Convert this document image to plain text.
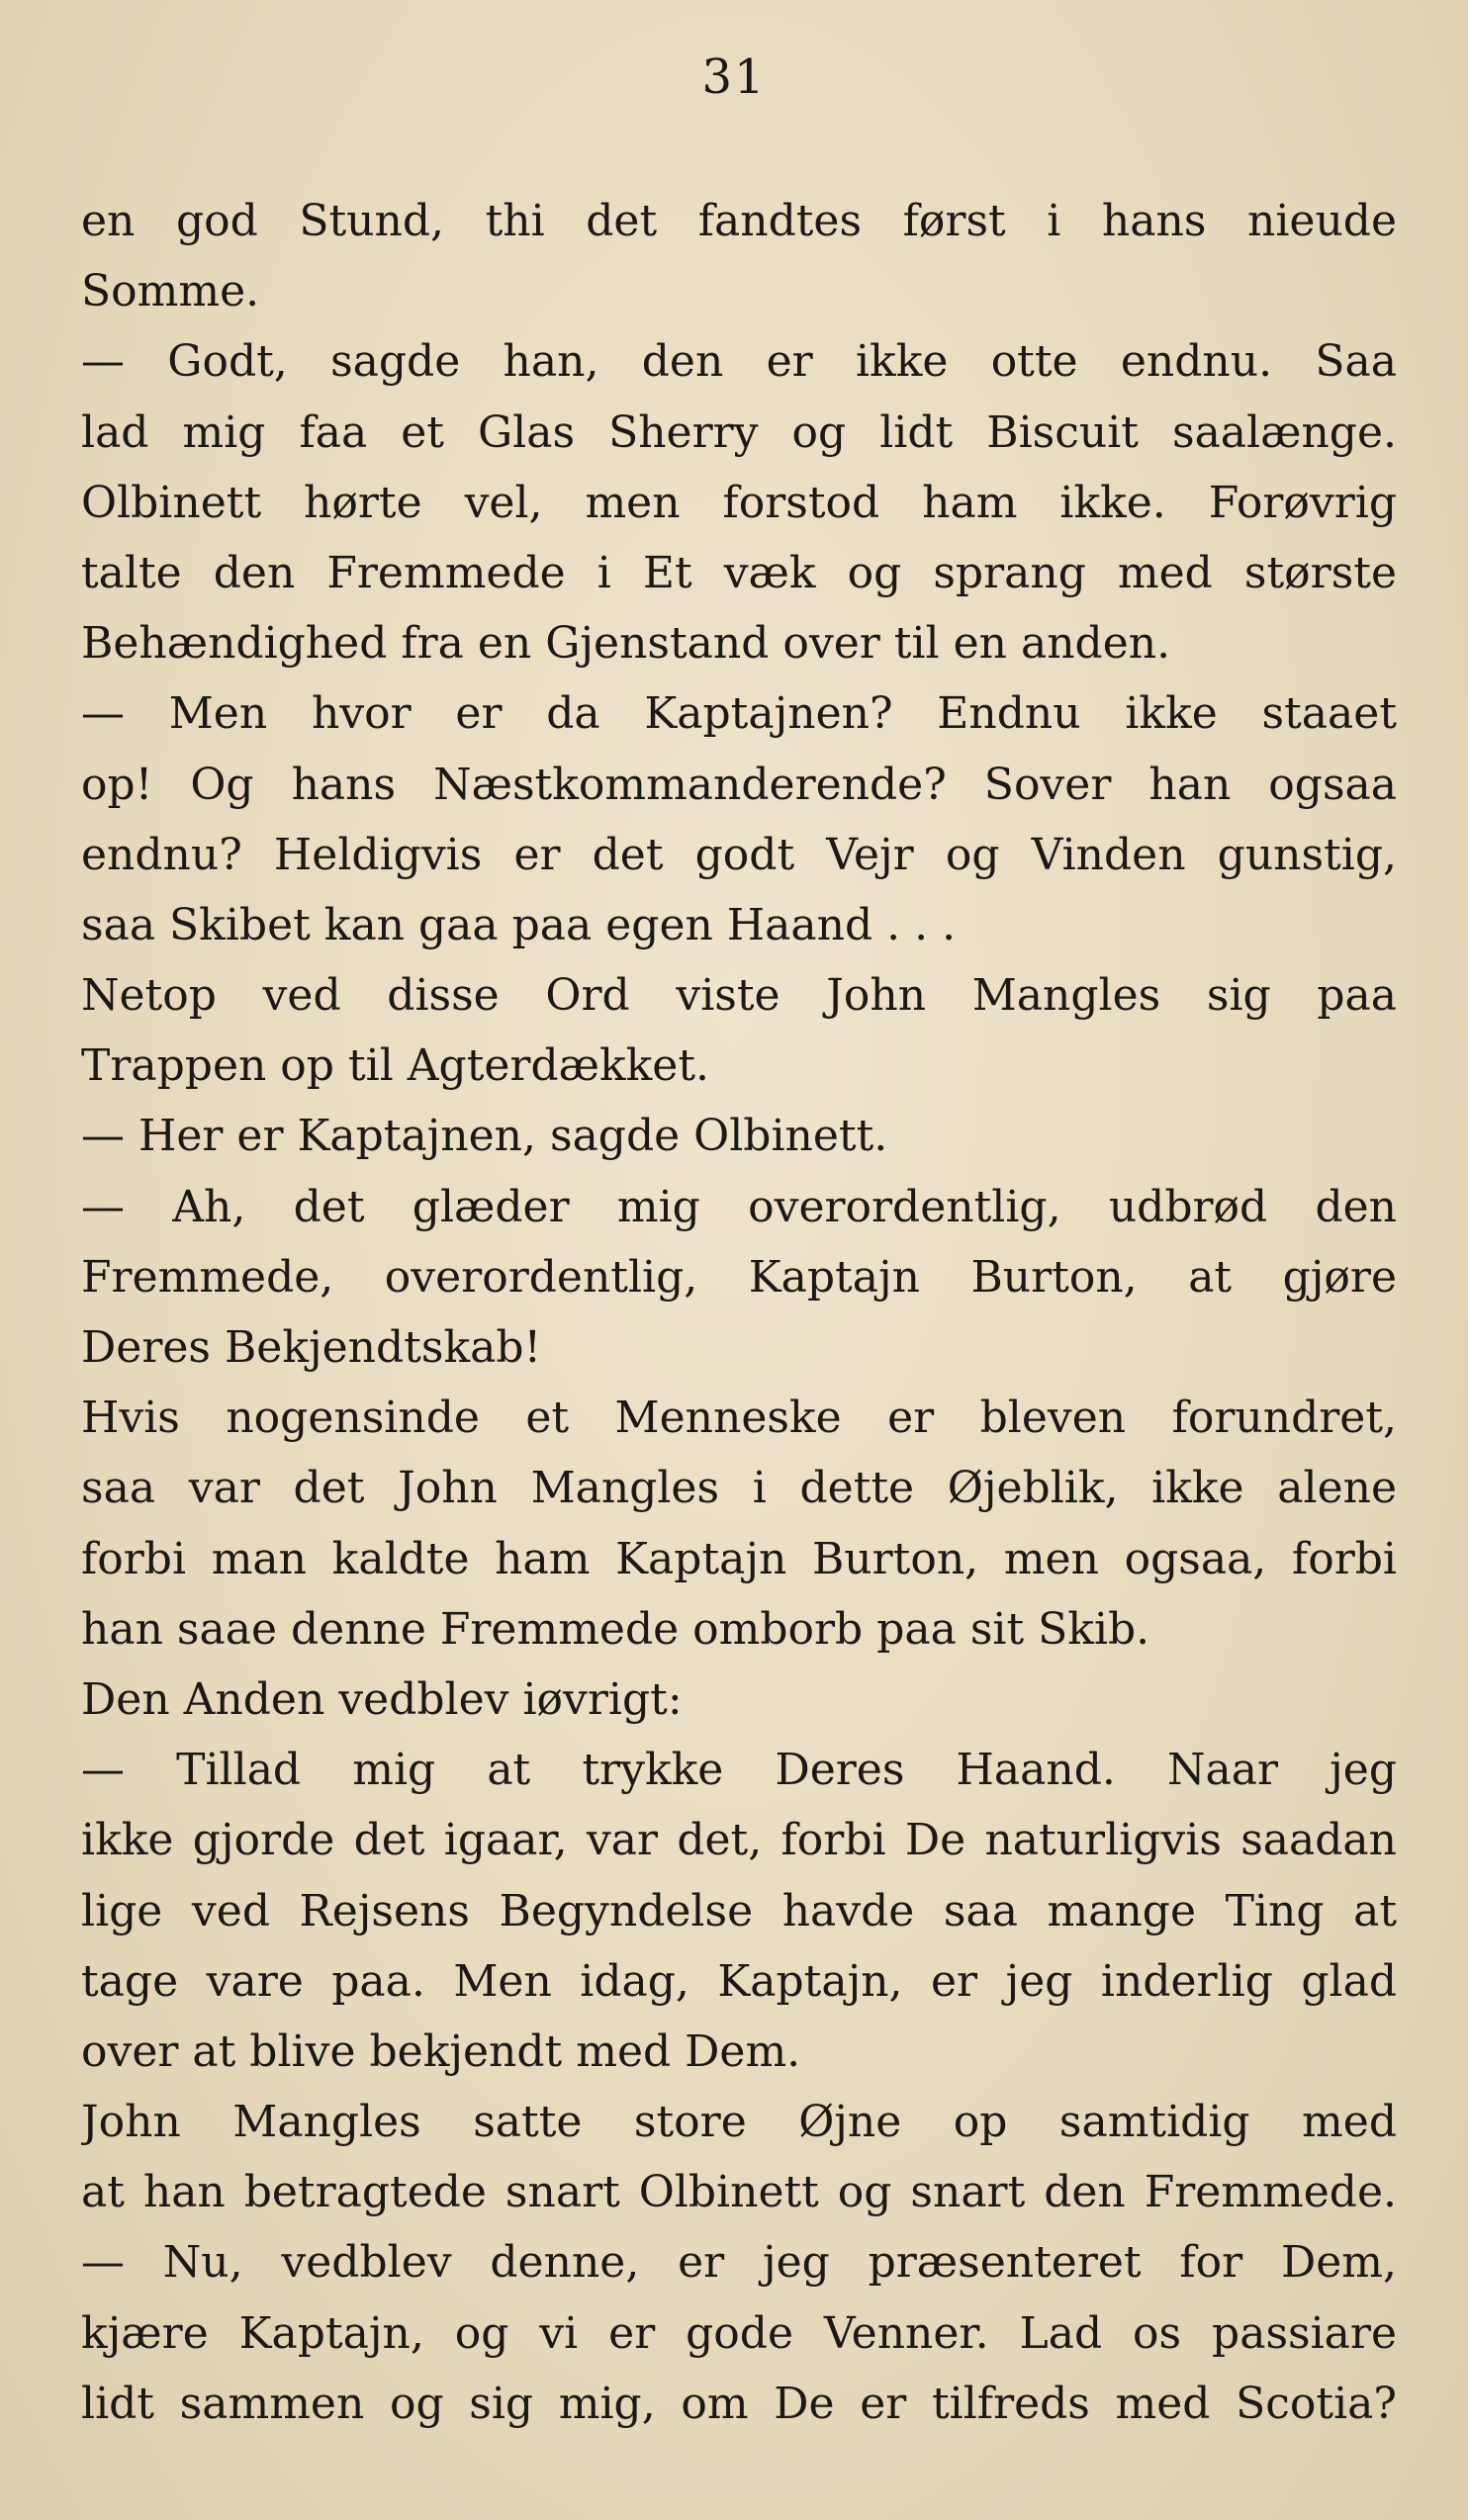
31
en god Stund, thi det fandtes først i hans nieude
Somme.
— Godt, sagde han, den er ikke otte endnu. Saa
lad mig faa et Glas Sherry og lidt Biscuit saalænge.
Olbinett hørte vel, men forstod ham ikke. Forøvrig
talte den Fremmede i Et væk og sprang med største
Behændighed fra en Gjenstand over til en anden.
— Men hvor er da Kaptajnen? Endnu ikke staaet
op! Og hans Næstkommanderende? Sover han ogsaa
endnu? Heldigvis er det godt Vejr og Vinden gunstig,
saa Skibet kan gaa paa egen Haand . . .
Netop ved disse Ord viste John Mangles sig paa
Trappen op til Agterdækket.
— Her er Kaptajnen, sagde Olbinett.
— Ah, det glæder mig overordentlig, udbrød den
Fremmede, overordentlig, Kaptajn Burton, at gjøre
Deres Bekjendtskab!
Hvis nogensinde et Menneske er bleven forundret,
saa var det John Mangles i dette Øjeblik, ikke alene
forbi man kaldte ham Kaptajn Burton, men ogsaa, forbi
han saae denne Fremmede omborb paa sit Skib.
Den Anden vedblev iøvrigt:
— Tillad mig at trykke Deres Haand. Naar jeg
ikke gjorde det igaar, var det, forbi De naturligvis saadan
lige ved Rejsens Begyndelse havde saa mange Ting at
tage vare paa. Men idag, Kaptajn, er jeg inderlig glad
over at blive bekjendt med Dem.
John Mangles satte store Øjne op samtidig med
at han betragtede snart Olbinett og snart den Fremmede.
— Nu, vedblev denne, er jeg præsenteret for Dem,
kjære Kaptajn, og vi er gode Venner. Lad os passiare
lidt sammen og sig mig, om De er tilfreds med Scotia?
